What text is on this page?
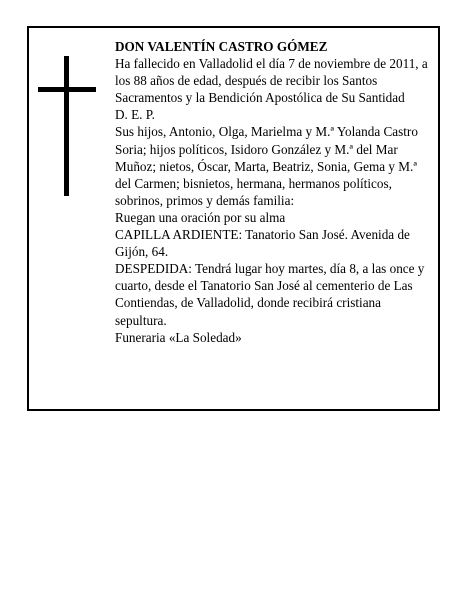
DON VALENTÍN CASTRO GÓMEZ

Ha fallecido en Valladolid el día 7 de noviembre de 2011, a los 88 años de edad, después de recibir los Santos Sacramentos y la Bendición Apostólica de Su Santidad

D. E. P.

Sus hijos, Antonio, Olga, Marielma y M.ª Yolanda Castro Soria; hijos políticos, Isidoro González y M.ª del Mar Muñoz; nietos, Óscar, Marta, Beatriz, Sonia, Gema y M.ª del Carmen; bisnietos, hermana, hermanos políticos, sobrinos, primos y demás familia:

Ruegan una oración por su alma

CAPILLA ARDIENTE: Tanatorio San José. Avenida de Gijón, 64.

DESPEDIDA: Tendrá lugar hoy martes, día 8, a las once y cuarto, desde el Tanatorio San José al cementerio de Las Contiendas, de Valladolid, donde recibirá cristiana sepultura.

Funeraria «La Soledad»
